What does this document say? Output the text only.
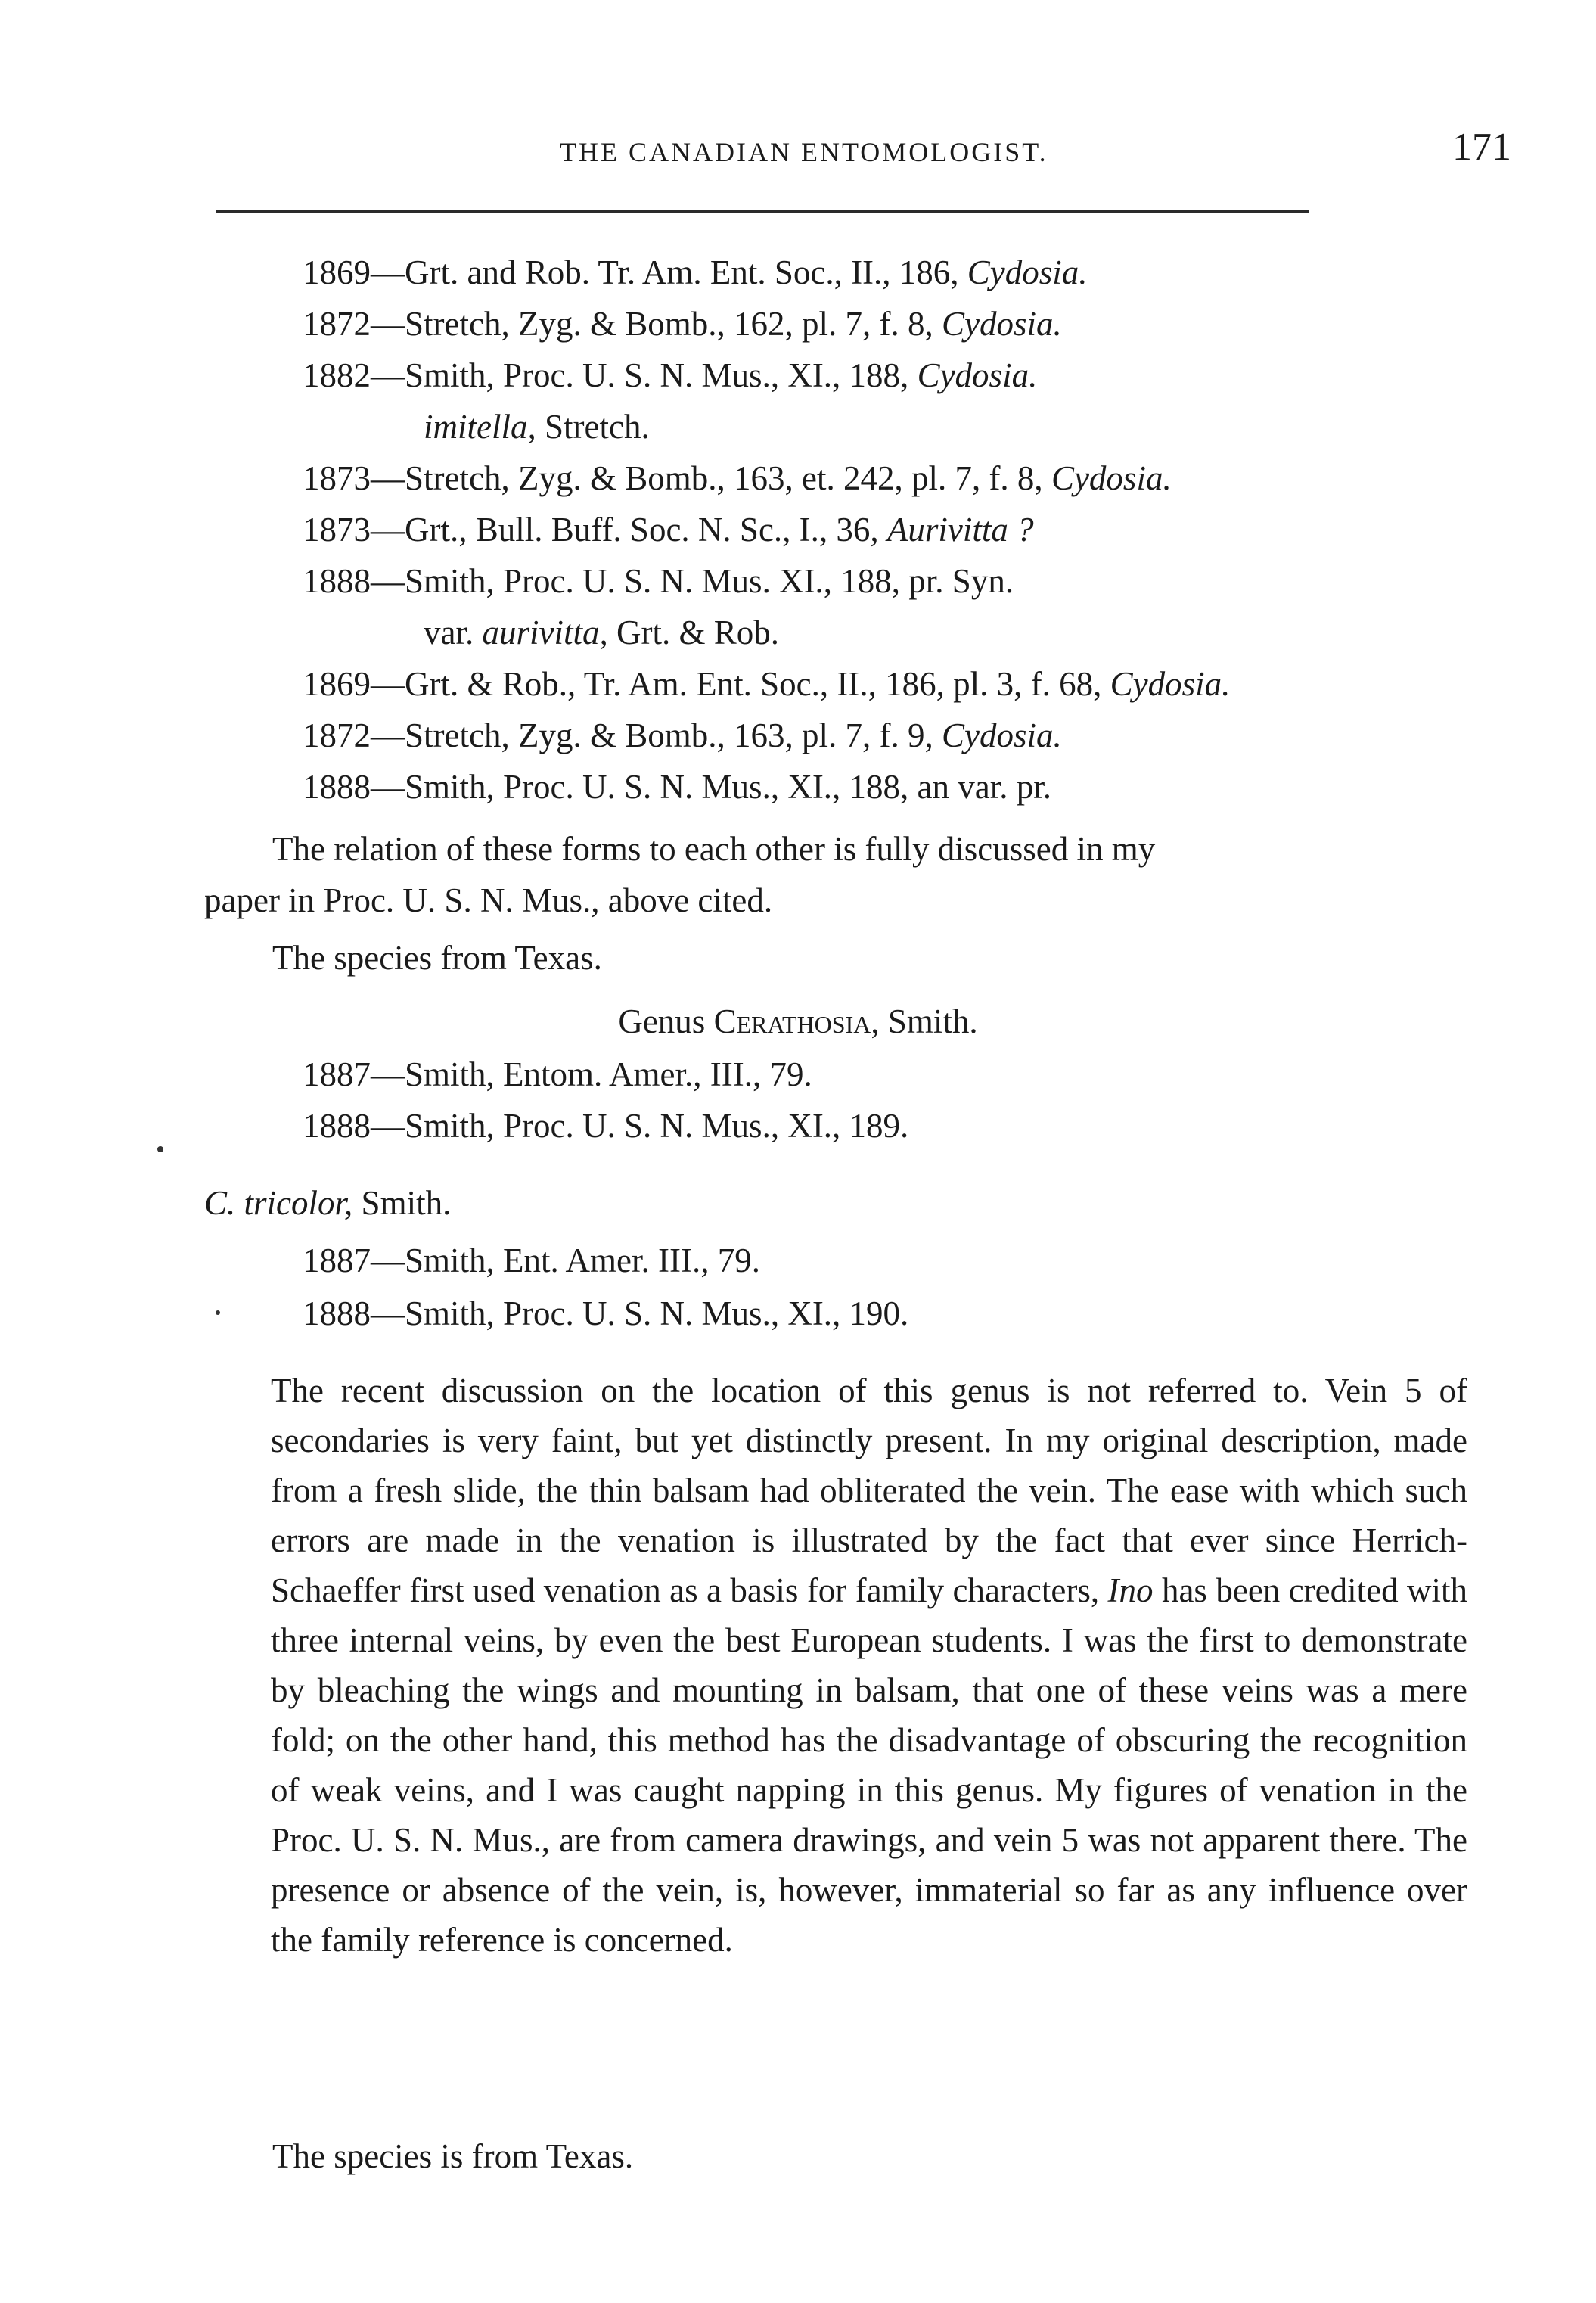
THE CANADIAN ENTOMOLOGIST.	171
1869—Grt. and Rob. Tr. Am. Ent. Soc., II., 186, Cydosia.
1872—Stretch, Zyg. & Bomb., 162, pl. 7, f. 8, Cydosia.
1882—Smith, Proc. U. S. N. Mus., XI., 188, Cydosia.
imitella, Stretch.
1873—Stretch, Zyg. & Bomb., 163, et. 242, pl. 7, f. 8, Cydosia.
1873—Grt., Bull. Buff. Soc. N. Sc., I., 36, Aurivitta ?
1888—Smith, Proc. U. S. N. Mus. XI., 188, pr. Syn.
var. aurivitta, Grt. & Rob.
1869—Grt. & Rob., Tr. Am. Ent. Soc., II., 186, pl. 3, f. 68, Cydosia.
1872—Stretch, Zyg. & Bomb., 163, pl. 7, f. 9, Cydosia.
1888—Smith, Proc. U. S. N. Mus., XI., 188, an var. pr.
The relation of these forms to each other is fully discussed in my
paper in Proc. U. S. N. Mus., above cited.
The species from Texas.
Genus Cerathosia, Smith.
1887—Smith, Entom. Amer., III., 79.
1888—Smith, Proc. U. S. N. Mus., XI., 189.
C. tricolor, Smith.
1887—Smith, Ent. Amer. III., 79.
1888—Smith, Proc. U. S. N. Mus., XI., 190.
The recent discussion on the location of this genus is not referred to. Vein 5 of secondaries is very faint, but yet distinctly present. In my original description, made from a fresh slide, the thin balsam had obliterated the vein. The ease with which such errors are made in the venation is illustrated by the fact that ever since Herrich-Schaeffer first used venation as a basis for family characters, Ino has been credited with three internal veins, by even the best European students. I was the first to demonstrate by bleaching the wings and mounting in balsam, that one of these veins was a mere fold; on the other hand, this method has the disadvantage of obscuring the recognition of weak veins, and I was caught napping in this genus. My figures of venation in the Proc. U. S. N. Mus., are from camera drawings, and vein 5 was not apparent there. The presence or absence of the vein, is, however, immaterial so far as any influence over the family reference is concerned.
The species is from Texas.
